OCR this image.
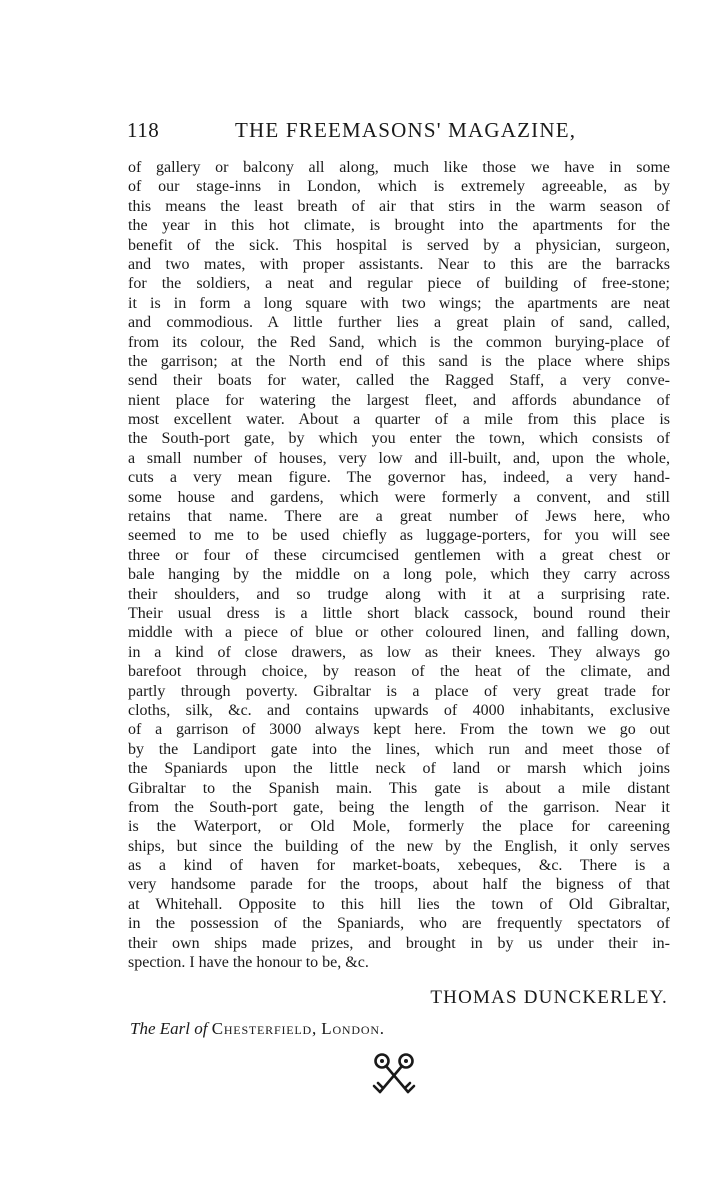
118	THE FREEMASONS' MAGAZINE,
of gallery or balcony all along, much like those we have in some
of our stage-inns in London, which is extremely agreeable, as by
this means the least breath of air that stirs in the warm season of
the year in this hot climate, is brought into the apartments for the
benefit of the sick. This hospital is served by a physician, surgeon,
and two mates, with proper assistants. Near to this are the barracks
for the soldiers, a neat and regular piece of building of free-stone;
it is in form a long square with two wings; the apartments are neat
and commodious. A little further lies a great plain of sand, called,
from its colour, the Red Sand, which is the common burying-place of
the garrison; at the North end of this sand is the place where ships
send their boats for water, called the Ragged Staff, a very conve-
nient place for watering the largest fleet, and affords abundance of
most excellent water. About a quarter of a mile from this place is
the South-port gate, by which you enter the town, which consists of
a small number of houses, very low and ill-built, and, upon the whole,
cuts a very mean figure. The governor has, indeed, a very hand-
some house and gardens, which were formerly a convent, and still
retains that name. There are a great number of Jews here, who
seemed to me to be used chiefly as luggage-porters, for you will see
three or four of these circumcised gentlemen with a great chest or
bale hanging by the middle on a long pole, which they carry across
their shoulders, and so trudge along with it at a surprising rate.
Their usual dress is a little short black cassock, bound round their
middle with a piece of blue or other coloured linen, and falling down,
in a kind of close drawers, as low as their knees. They always go
barefoot through choice, by reason of the heat of the climate, and
partly through poverty. Gibraltar is a place of very great trade for
cloths, silk, &c. and contains upwards of 4000 inhabitants, exclusive
of a garrison of 3000 always kept here. From the town we go out
by the Landiport gate into the lines, which run and meet those of
the Spaniards upon the little neck of land or marsh which joins
Gibraltar to the Spanish main. This gate is about a mile distant
from the South-port gate, being the length of the garrison. Near it
is the Waterport, or Old Mole, formerly the place for careening
ships, but since the building of the new by the English, it only serves
as a kind of haven for market-boats, xebeques, &c. There is a
very handsome parade for the troops, about half the bigness of that
at Whitehall. Opposite to this hill lies the town of Old Gibraltar,
in the possession of the Spaniards, who are frequently spectators of
their own ships made prizes, and brought in by us under their in-
spection. I have the honour to be, &c.
THOMAS DUNCKERLEY.
The Earl of Chesterfield, London.
